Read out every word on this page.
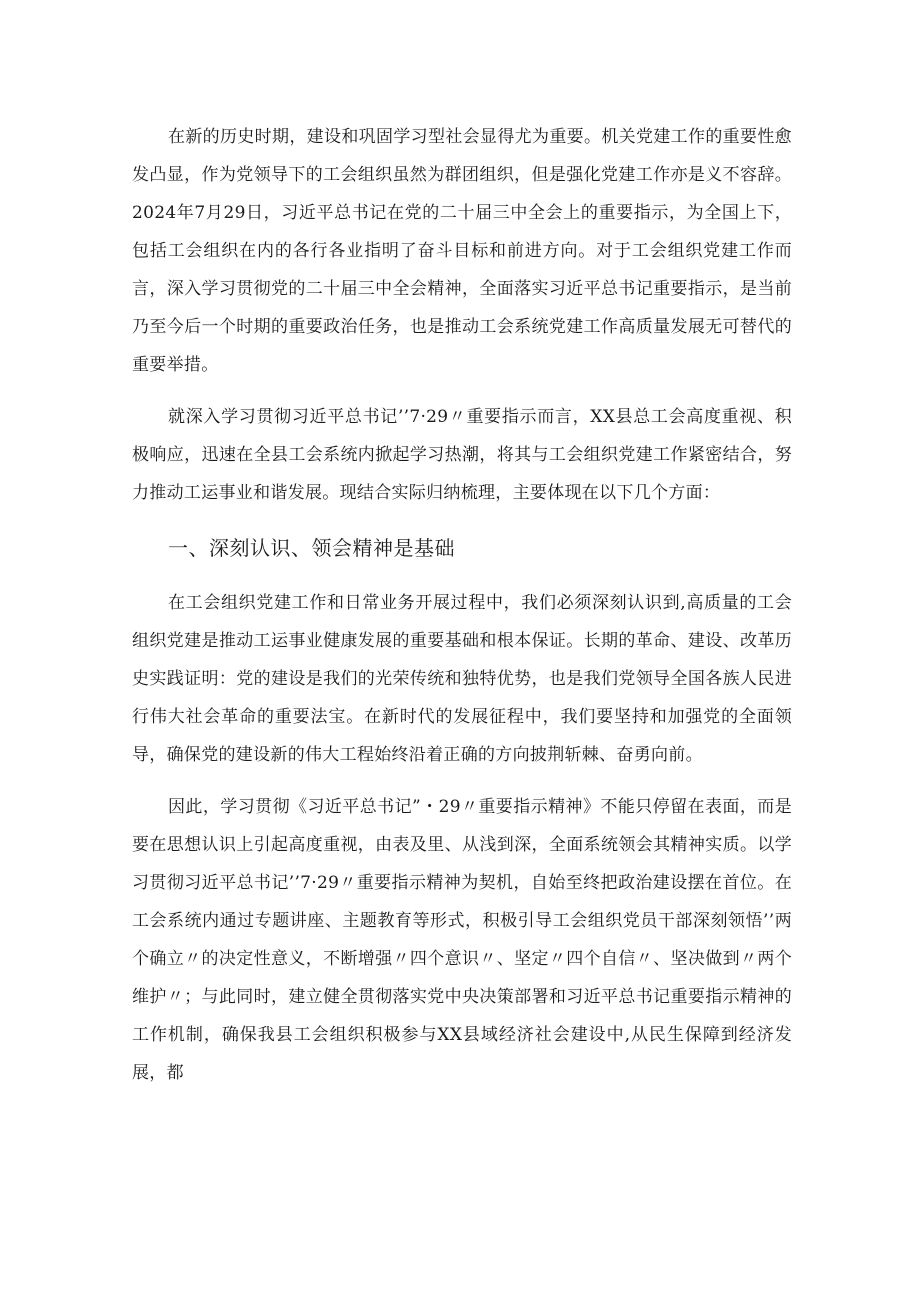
在新的历史时期，建设和巩固学习型社会显得尤为重要。机关党建工作的重要性愈发凸显，作为党领导下的工会组织虽然为群团组织，但是强化党建工作亦是义不容辞。2024年7月29日，习近平总书记在党的二十届三中全会上的重要指示，为全国上下，包括工会组织在内的各行各业指明了奋斗目标和前进方向。对于工会组织党建工作而言，深入学习贯彻党的二十届三中全会精神，全面落实习近平总书记重要指示，是当前乃至今后一个时期的重要政治任务，也是推动工会系统党建工作高质量发展无可替代的重要举措。

就深入学习贯彻习近平总书记’’7·29〃重要指示而言，XX县总工会高度重视、积极响应，迅速在全县工会系统内掀起学习热潮，将其与工会组织党建工作紧密结合，努力推动工运事业和谐发展。现结合实际归纳梳理，主要体现在以下几个方面：

一、深刻认识、领会精神是基础

在工会组织党建工作和日常业务开展过程中，我们必须深刻认识到,高质量的工会组织党建是推动工运事业健康发展的重要基础和根本保证。长期的革命、建设、改革历史实践证明：党的建设是我们的光荣传统和独特优势，也是我们党领导全国各族人民进行伟大社会革命的重要法宝。在新时代的发展征程中，我们要坚持和加强党的全面领导，确保党的建设新的伟大工程始终沿着正确的方向披荆斩棘、奋勇向前。

因此，学习贯彻《习近平总书记”・29〃重要指示精神》不能只停留在表面，而是要在思想认识上引起高度重视，由表及里、从浅到深，全面系统领会其精神实质。以学习贯彻习近平总书记’’7·29〃重要指示精神为契机，自始至终把政治建设摆在首位。在工会系统内通过专题讲座、主题教育等形式，积极引导工会组织党员干部深刻领悟’’两个确立〃的决定性意义，不断增强〃四个意识〃、坚定〃四个自信〃、坚决做到〃两个维护〃；与此同时，建立健全贯彻落实党中央决策部署和习近平总书记重要指示精神的工作机制，确保我县工会组织积极参与XX县域经济社会建设中,从民生保障到经济发展，都
